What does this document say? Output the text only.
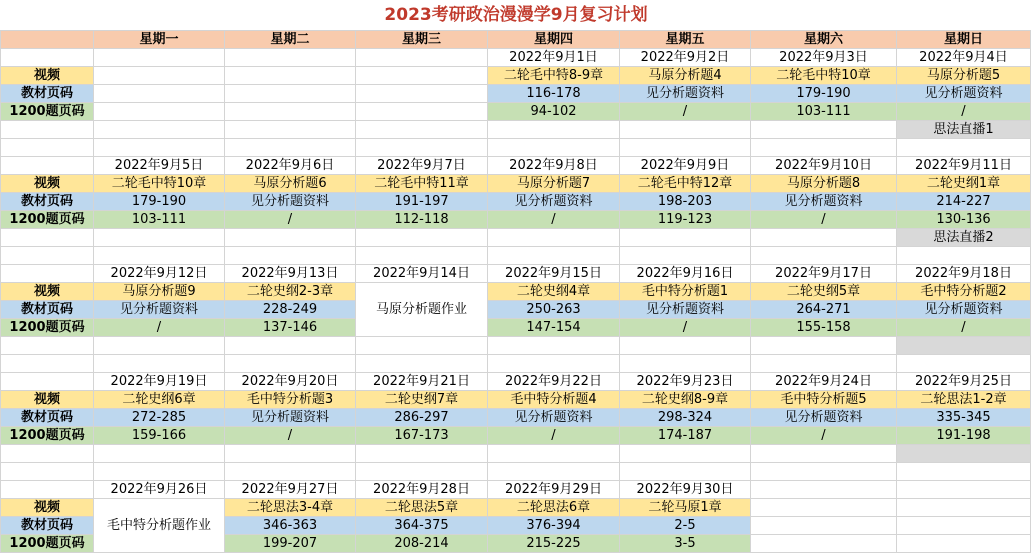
2023考研政治漫漫学9月复习计划
	星期一	星期二	星期三	星期四	星期五	星期六	星期日
				2022年9月1日	2022年9月2日	2022年9月3日	2022年9月4日
视频				二轮毛中特8-9章	马原分析题4	二轮毛中特10章	马原分析题5
教材页码				116-178	见分析题资料	179-190	见分析题资料
1200题页码				94-102	/	103-111	/
							思法直播1

	2022年9月5日	2022年9月6日	2022年9月7日	2022年9月8日	2022年9月9日	2022年9月10日	2022年9月11日
视频	二轮毛中特10章	马原分析题6	二轮毛中特11章	马原分析题7	二轮毛中特12章	马原分析题8	二轮史纲1章
教材页码	179-190	见分析题资料	191-197	见分析题资料	198-203	见分析题资料	214-227
1200题页码	103-111	/	112-118	/	119-123	/	130-136
							思法直播2

	2022年9月12日	2022年9月13日	2022年9月14日	2022年9月15日	2022年9月16日	2022年9月17日	2022年9月18日
视频	马原分析题9	二轮史纲2-3章	马原分析题作业	二轮史纲4章	毛中特分析题1	二轮史纲5章	毛中特分析题2
教材页码	见分析题资料	228-249		250-263	见分析题资料	264-271	见分析题资料
1200题页码	/	137-146		147-154	/	155-158	/

	2022年9月19日	2022年9月20日	2022年9月21日	2022年9月22日	2022年9月23日	2022年9月24日	2022年9月25日
视频	二轮史纲6章	毛中特分析题3	二轮史纲7章	毛中特分析题4	二轮史纲8-9章	毛中特分析题5	二轮思法1-2章
教材页码	272-285	见分析题资料	286-297	见分析题资料	298-324	见分析题资料	335-345
1200题页码	159-166	/	167-173	/	174-187	/	191-198

	2022年9月26日	2022年9月27日	2022年9月28日	2022年9月29日	2022年9月30日		
视频	毛中特分析题作业	二轮思法3-4章	二轮思法5章	二轮思法6章	二轮马原1章		
教材页码		346-363	364-375	376-394	2-5		
1200题页码		199-207	208-214	215-225	3-5		
